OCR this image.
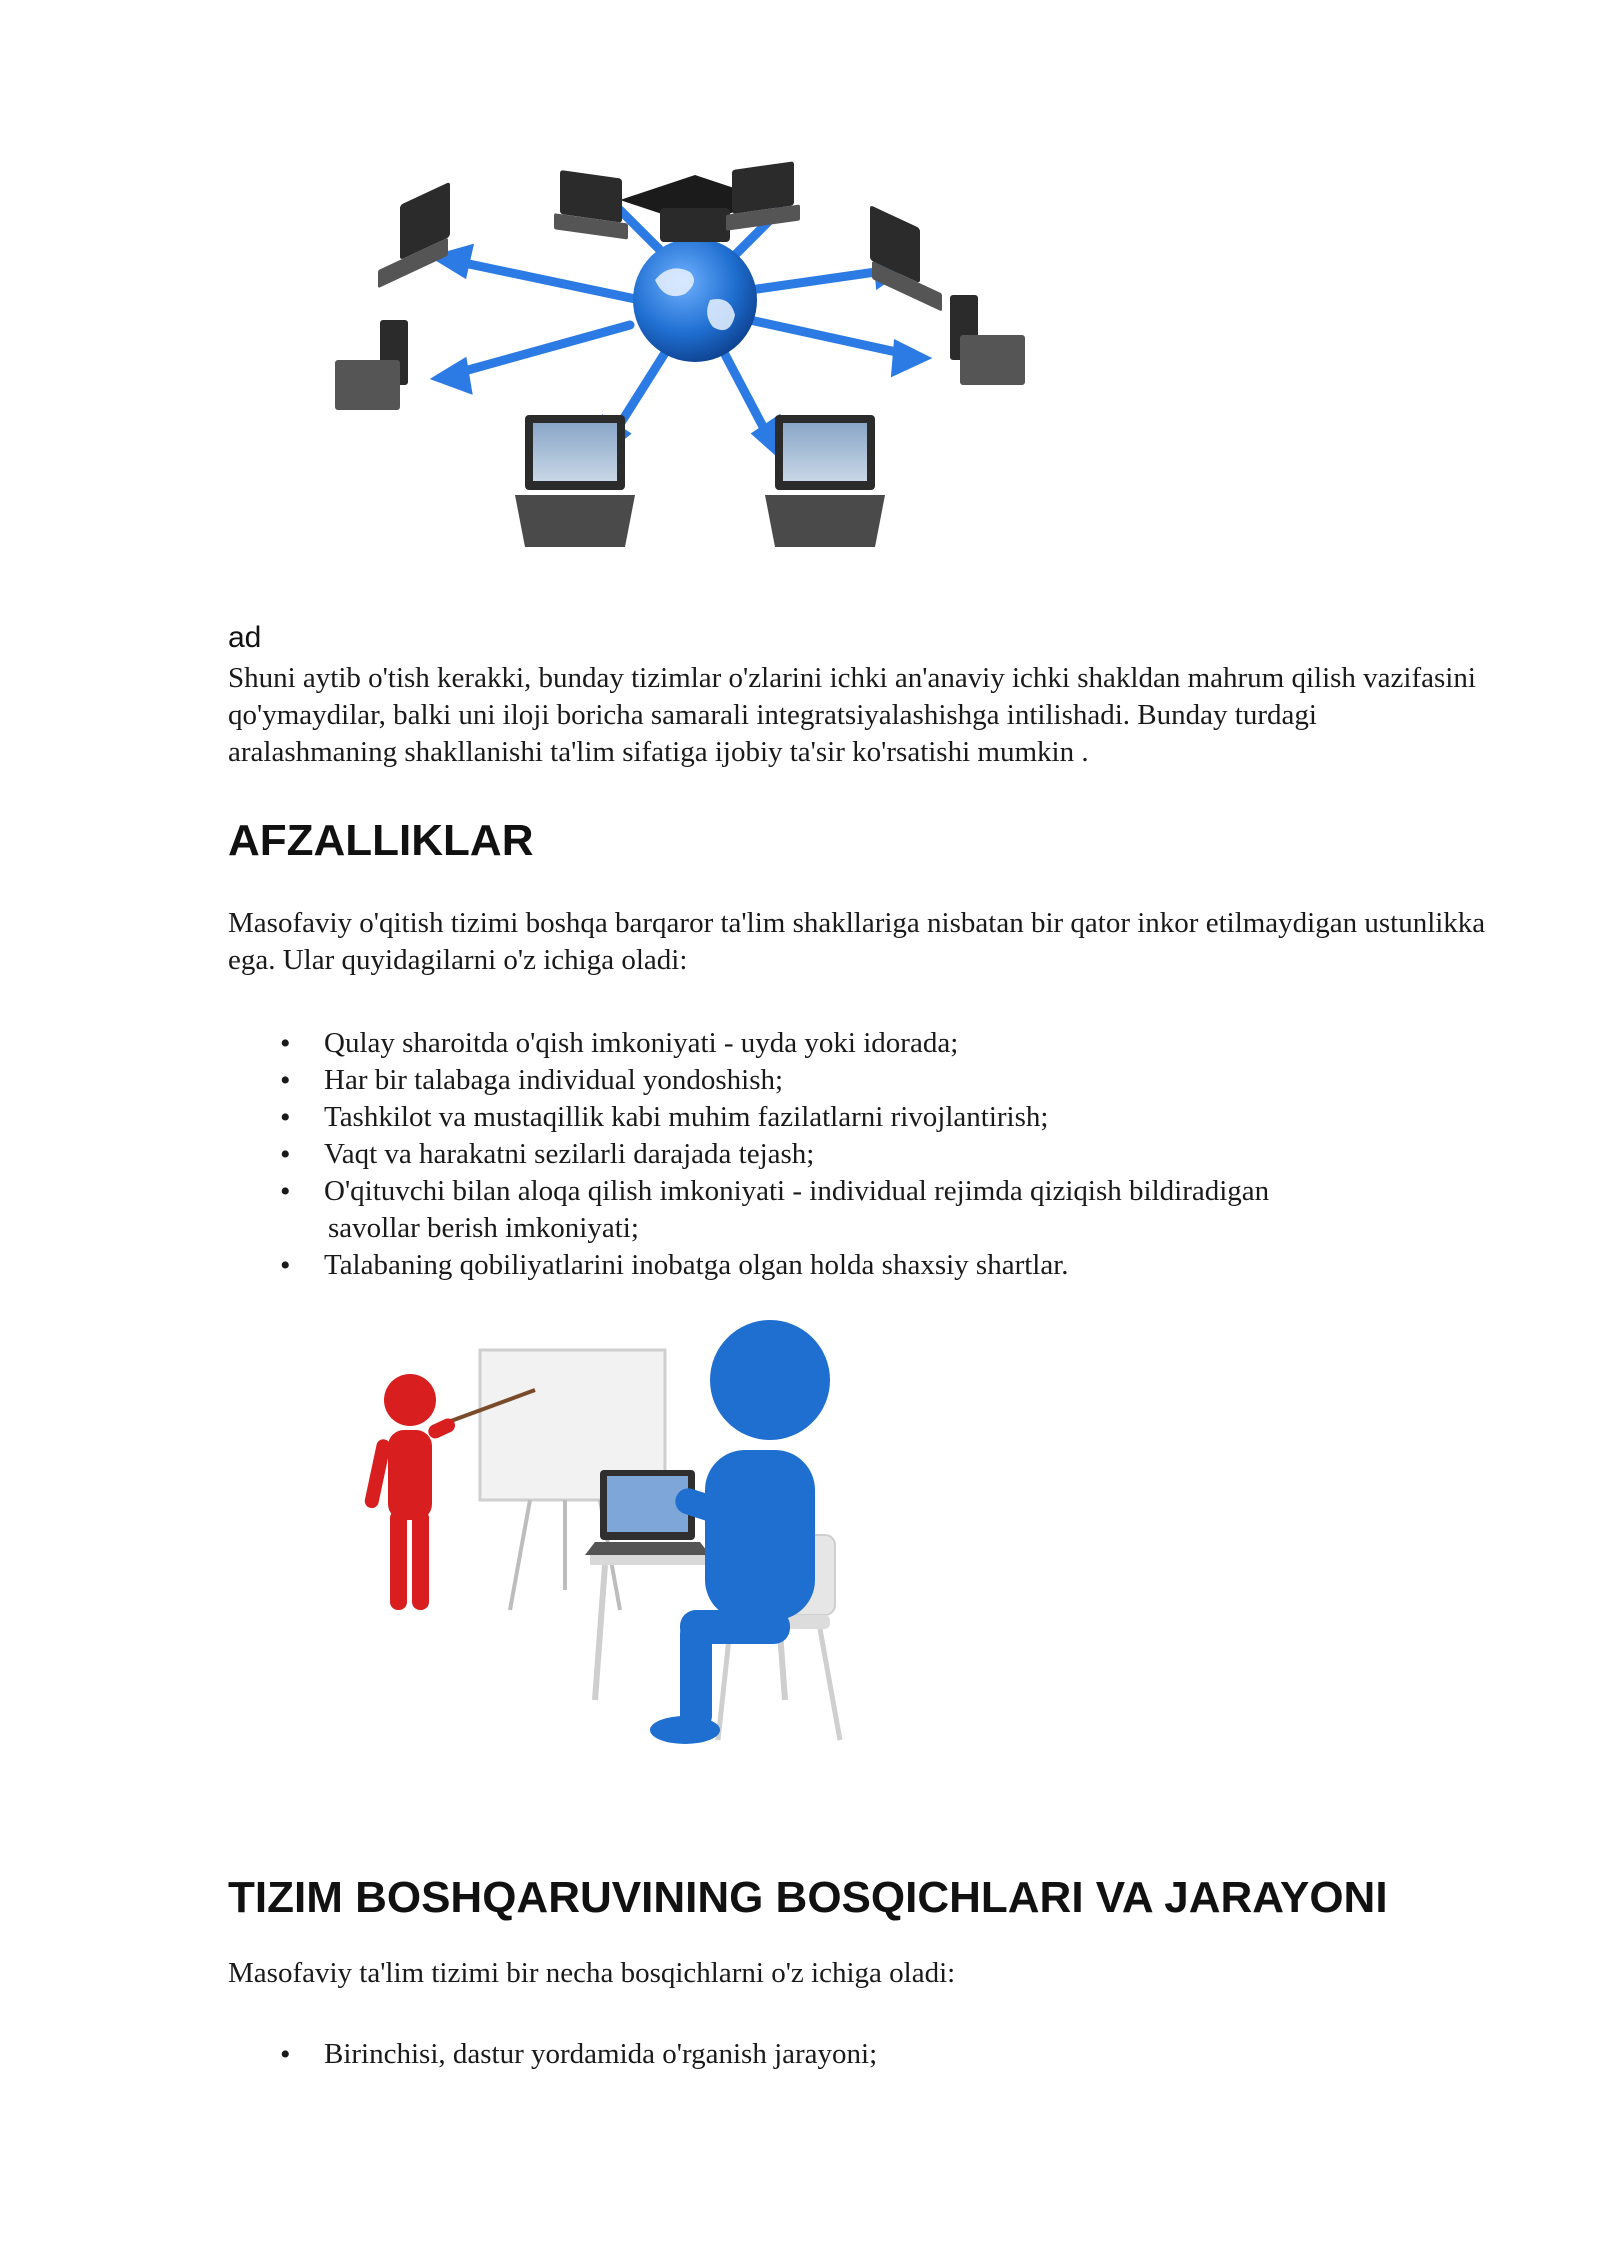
ad

Shuni aytib o'tish kerakki, bunday tizimlar o'zlarini ichki an'anaviy ichki shakldan mahrum qilish vazifasini qo'ymaydilar, balki uni iloji boricha samarali integratsiyalashishga intilishadi. Bunday turdagi aralashmaning shakllanishi ta'lim sifatiga ijobiy ta'sir ko'rsatishi mumkin .

AFZALLIKLAR

Masofaviy o'qitish tizimi boshqa barqaror ta'lim shakllariga nisbatan bir qator inkor etilmaydigan ustunlikka ega. Ular quyidagilarni o'z ichiga oladi:

• Qulay sharoitda o'qish imkoniyati - uyda yoki idorada;
• Har bir talabaga individual yondoshish;
• Tashkilot va mustaqillik kabi muhim fazilatlarni rivojlantirish;
• Vaqt va harakatni sezilarli darajada tejash;
• O'qituvchi bilan aloqa qilish imkoniyati - individual rejimda qiziqish bildiradigan
savollar berish imkoniyati;
• Talabaning qobiliyatlarini inobatga olgan holda shaxsiy shartlar.
TIZIM BOSHQARUVINING BOSQICHLARI VA JARAYONI

Masofaviy ta'lim tizimi bir necha bosqichlarni o'z ichiga oladi:

• Birinchisi, dastur yordamida o'rganish jarayoni;
